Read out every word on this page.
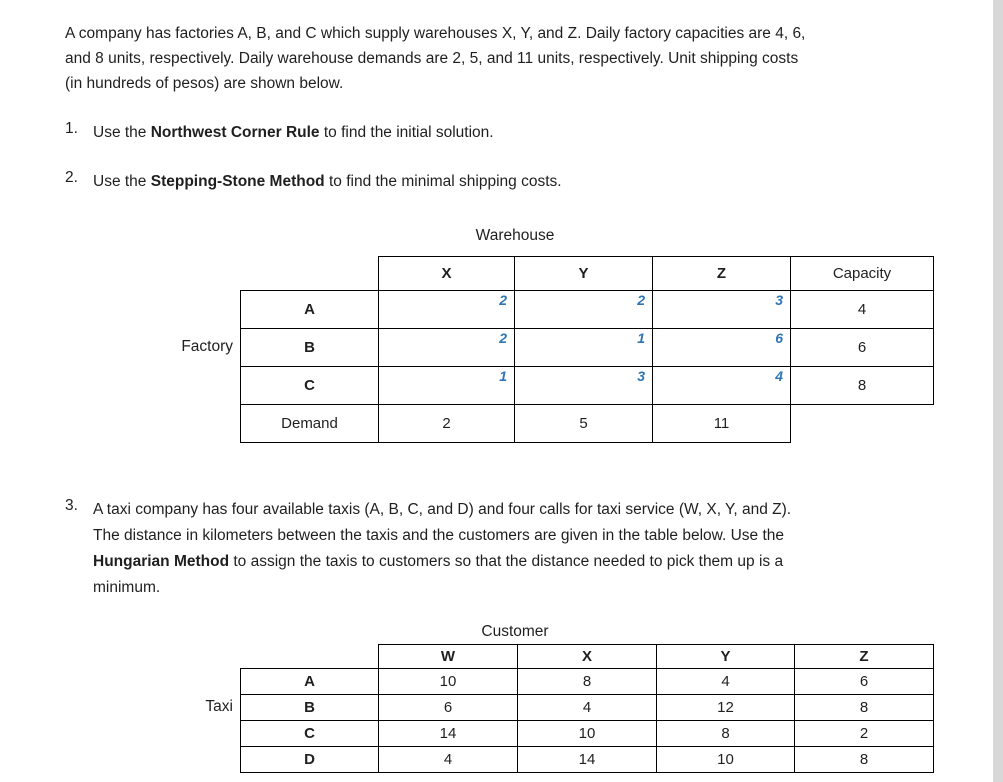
A company has factories A, B, and C which supply warehouses X, Y, and Z. Daily factory capacities are 4, 6,
and 8 units, respectively. Daily warehouse demands are 2, 5, and 11 units, respectively. Unit shipping costs
(in hundreds of pesos) are shown below.
1. Use the Northwest Corner Rule to find the initial solution.
2. Use the Stepping-Stone Method to find the minimal shipping costs.
Warehouse
Factory
	X	Y	Z	Capacity
A	2	2	3	4
B	2	1	6	6
C	1	3	4	8
Demand	2	5	11	
3. A taxi company has four available taxis (A, B, C, and D) and four calls for taxi service (W, X, Y, and Z).
The distance in kilometers between the taxis and the customers are given in the table below. Use the
Hungarian Method to assign the taxis to customers so that the distance needed to pick them up is a
minimum.
Customer
Taxi
	W	X	Y	Z
A	10	8	4	6
B	6	4	12	8
C	14	10	8	2
D	4	14	10	8
